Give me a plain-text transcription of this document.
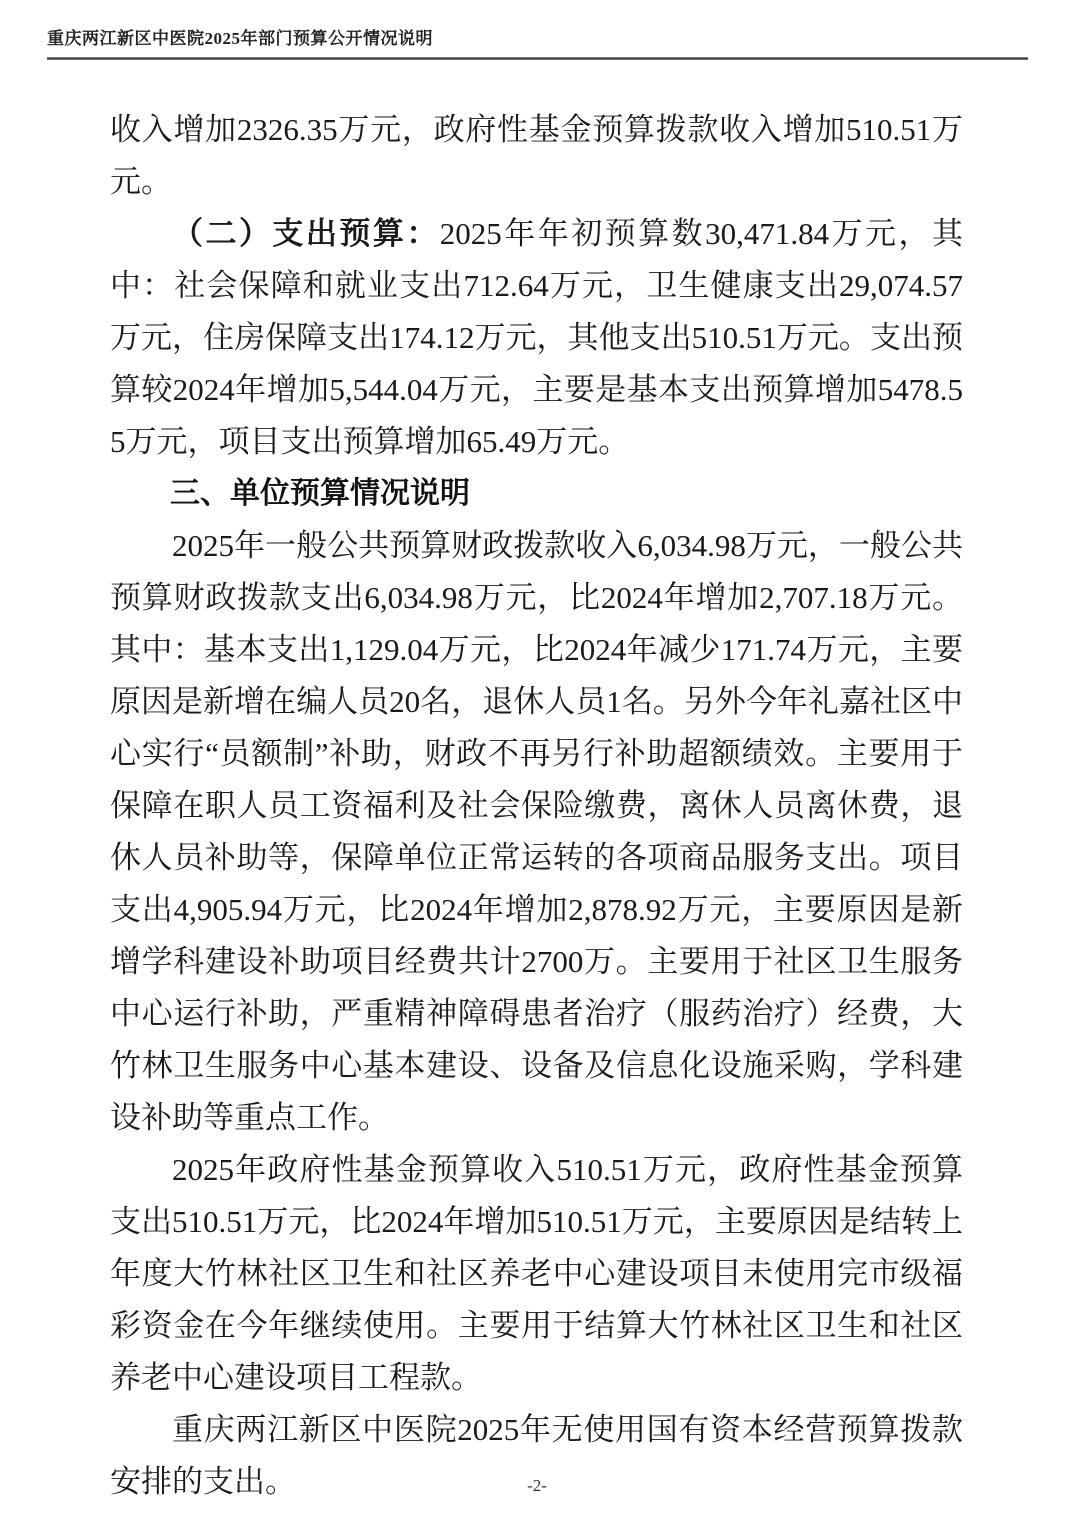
重庆两江新区中医院2025年部门预算公开情况说明

收入增加2326.35万元，政府性基金预算拨款收入增加510.51万元。

（二）支出预算：2025年年初预算数30,471.84万元，其中：社会保障和就业支出712.64万元，卫生健康支出29,074.57万元，住房保障支出174.12万元，其他支出510.51万元。支出预算较2024年增加5,544.04万元，主要是基本支出预算增加5478.55万元，项目支出预算增加65.49万元。

三、单位预算情况说明

2025年一般公共预算财政拨款收入6,034.98万元，一般公共预算财政拨款支出6,034.98万元，比2024年增加2,707.18万元。其中：基本支出1,129.04万元，比2024年减少171.74万元，主要原因是新增在编人员20名，退休人员1名。另外今年礼嘉社区中心实行“员额制”补助，财政不再另行补助超额绩效。主要用于保障在职人员工资福利及社会保险缴费，离休人员离休费，退休人员补助等，保障单位正常运转的各项商品服务支出。项目支出4,905.94万元，比2024年增加2,878.92万元，主要原因是新增学科建设补助项目经费共计2700万。主要用于社区卫生服务中心运行补助，严重精神障碍患者治疗（服药治疗）经费，大竹林卫生服务中心基本建设、设备及信息化设施采购，学科建设补助等重点工作。

2025年政府性基金预算收入510.51万元，政府性基金预算支出510.51万元，比2024年增加510.51万元，主要原因是结转上年度大竹林社区卫生和社区养老中心建设项目未使用完市级福彩资金在今年继续使用。主要用于结算大竹林社区卫生和社区养老中心建设项目工程款。

重庆两江新区中医院2025年无使用国有资本经营预算拨款安排的支出。	-2-
